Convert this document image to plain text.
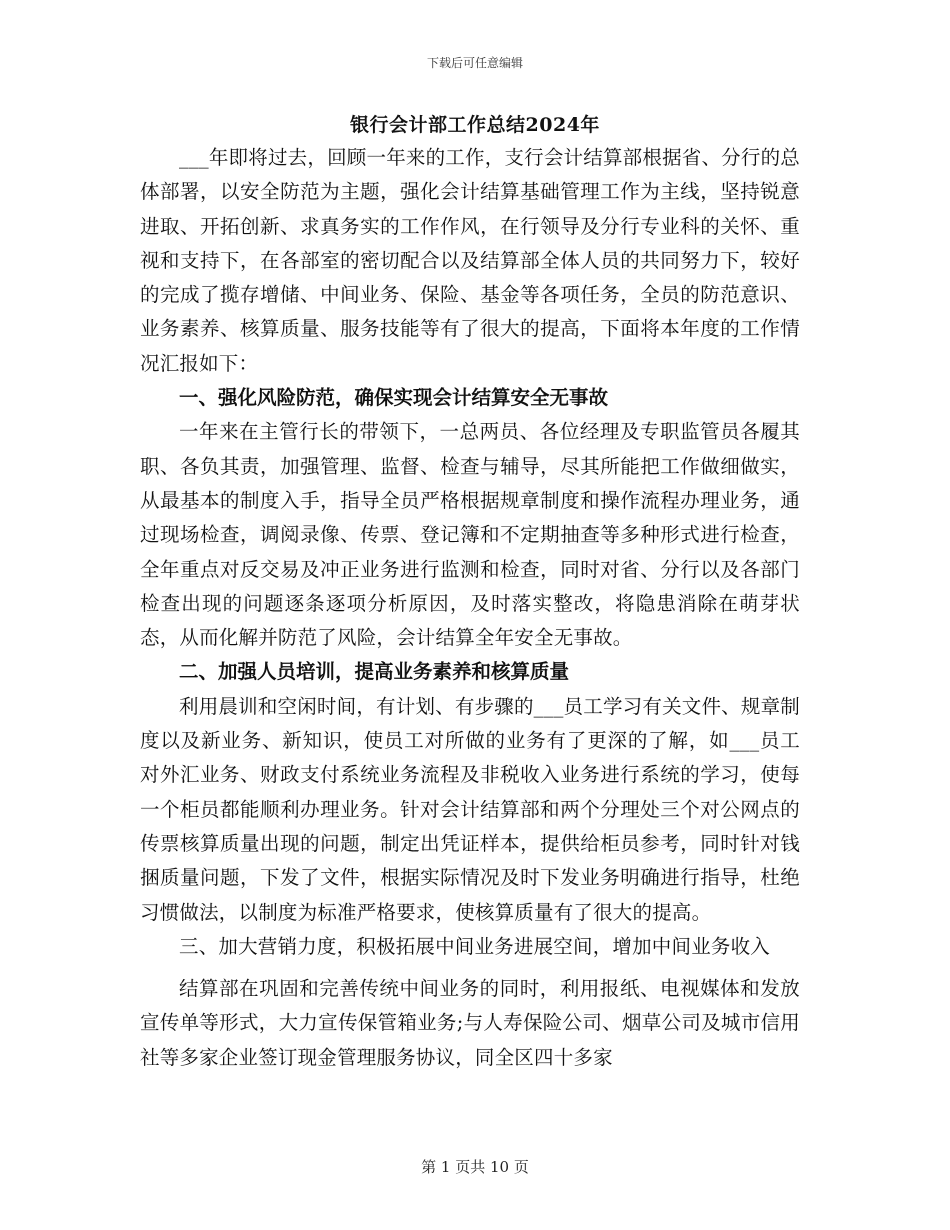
下载后可任意编辑
银行会计部工作总结2024年

___年即将过去，回顾一年来的工作，支行会计结算部根据省、分行的总体部署，以安全防范为主题，强化会计结算基础管理工作为主线，坚持锐意进取、开拓创新、求真务实的工作作风，在行领导及分行专业科的关怀、重视和支持下，在各部室的密切配合以及结算部全体人员的共同努力下，较好的完成了揽存增储、中间业务、保险、基金等各项任务，全员的防范意识、业务素养、核算质量、服务技能等有了很大的提高，下面将本年度的工作情况汇报如下：

一、强化风险防范，确保实现会计结算安全无事故

一年来在主管行长的带领下，一总两员、各位经理及专职监管员各履其职、各负其责，加强管理、监督、检查与辅导，尽其所能把工作做细做实，从最基本的制度入手，指导全员严格根据规章制度和操作流程办理业务，通过现场检查，调阅录像、传票、登记簿和不定期抽查等多种形式进行检查，全年重点对反交易及冲正业务进行监测和检查，同时对省、分行以及各部门检查出现的问题逐条逐项分析原因，及时落实整改，将隐患消除在萌芽状态，从而化解并防范了风险，会计结算全年安全无事故。

二、加强人员培训，提高业务素养和核算质量

利用晨训和空闲时间，有计划、有步骤的___员工学习有关文件、规章制度以及新业务、新知识，使员工对所做的业务有了更深的了解，如___员工对外汇业务、财政支付系统业务流程及非税收入业务进行系统的学习，使每一个柜员都能顺利办理业务。针对会计结算部和两个分理处三个对公网点的传票核算质量出现的问题，制定出凭证样本，提供给柜员参考，同时针对钱捆质量问题，下发了文件，根据实际情况及时下发业务明确进行指导，杜绝习惯做法，以制度为标准严格要求，使核算质量有了很大的提高。

三、加大营销力度，积极拓展中间业务进展空间，增加中间业务收入

结算部在巩固和完善传统中间业务的同时，利用报纸、电视媒体和发放宣传单等形式，大力宣传保管箱业务;与人寿保险公司、烟草公司及城市信用社等多家企业签订现金管理服务协议，同全区四十多家

第 1 页共 10 页
